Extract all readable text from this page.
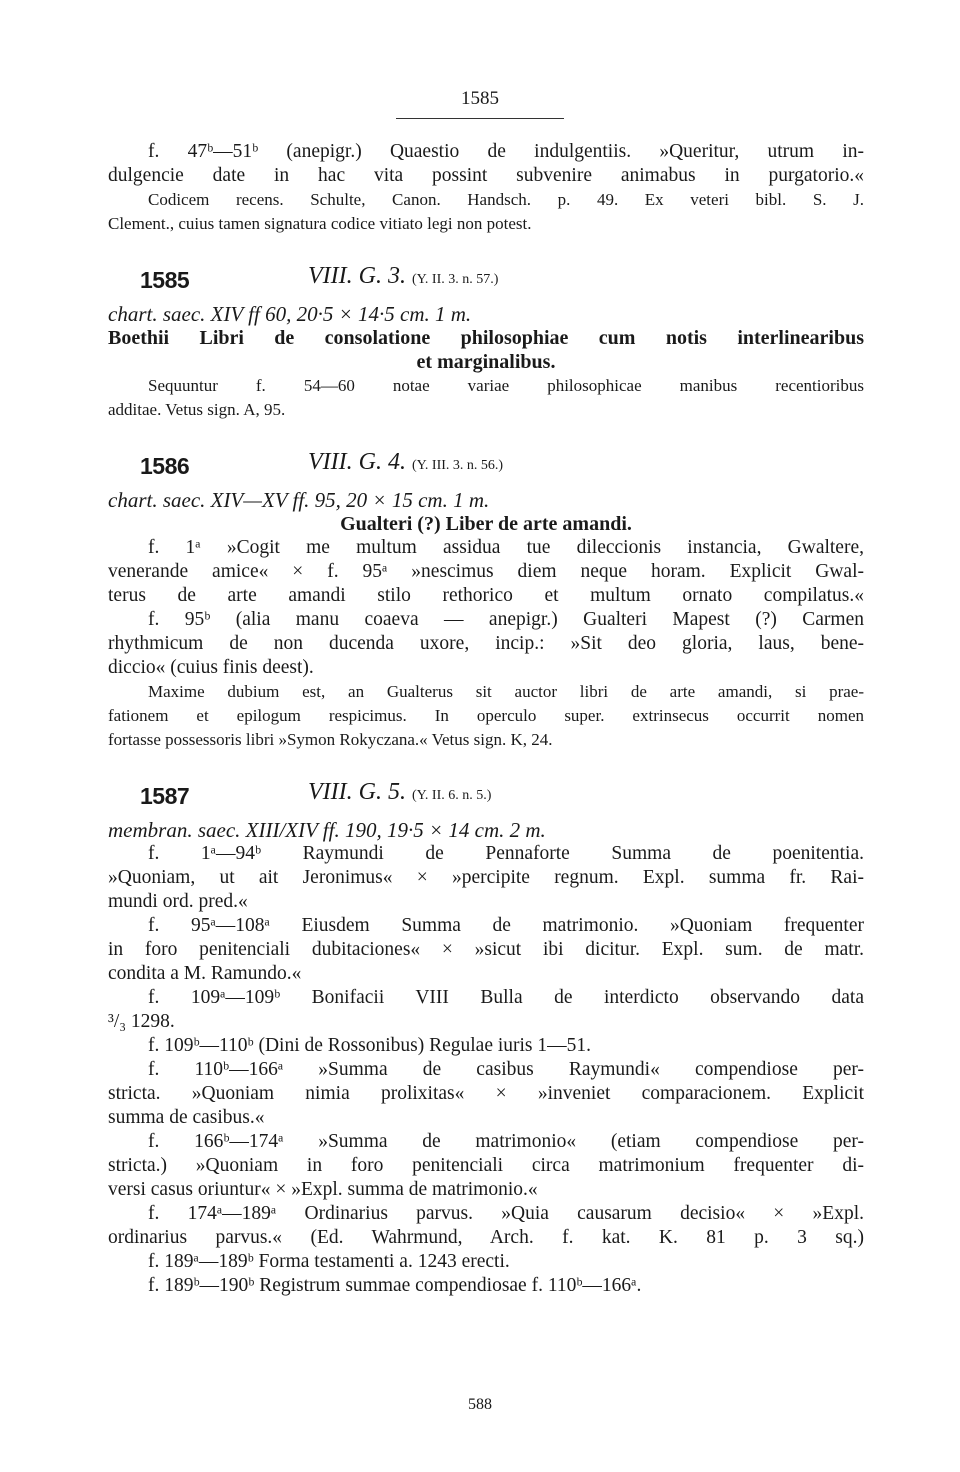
1585
f. 47ᵇ—51ᵇ (anepigr.) Quaestio de indulgentiis. »Queritur, utrum in-
dulgencie date in hac vita possint subvenire animabus in purgatorio.«
Codicem recens. Schulte, Canon. Handsch. p. 49. Ex veteri bibl. S. J.
Clement., cuius tamen signatura codice vitiato legi non potest.
1585	VIII. G. 3. (Y. II. 3. n. 57.)
chart. saec. XIV ff 60, 20·5 × 14·5 cm. 1 m.
Boethii Libri de consolatione philosophiae cum notis interlinearibus
et marginalibus.
Sequuntur f. 54—60 notae variae philosophicae manibus recentioribus
additae. Vetus sign. A, 95.
1586	VIII. G. 4. (Y. III. 3. n. 56.)
chart. saec. XIV—XV ff. 95, 20 × 15 cm. 1 m.
Gualteri (?) Liber de arte amandi.
f. 1ᵃ »Cogit me multum assidua tue dileccionis instancia, Gwaltere,
venerande amice« × f. 95ᵃ »nescimus diem neque horam. Explicit Gwal-
terus de arte amandi stilo rethorico et multum ornato compilatus.«
f. 95ᵇ (alia manu coaeva — anepigr.) Gualteri Mapest (?) Carmen
rhythmicum de non ducenda uxore, incip.: »Sit deo gloria, laus, bene-
diccio« (cuius finis deest).
Maxime dubium est, an Gualterus sit auctor libri de arte amandi, si prae-
fationem et epilogum respicimus. In operculo super. extrinsecus occurrit nomen
fortasse possessoris libri »Symon Rokyczana.« Vetus sign. K, 24.
1587	VIII. G. 5. (Y. II. 6. n. 5.)
membran. saec. XIII/XIV ff. 190, 19·5 × 14 cm. 2 m.
f. 1ᵃ—94ᵇ Raymundi de Pennaforte Summa de poenitentia.
»Quoniam, ut ait Jeronimus« × »percipite regnum. Expl. summa fr. Rai-
mundi ord. pred.«
f. 95ᵃ—108ᵃ Eiusdem Summa de matrimonio. »Quoniam frequenter
in foro penitenciali dubitaciones« × »sicut ibi dicitur. Expl. sum. de matr.
condita a M. Ramundo.«
f. 109ᵃ—109ᵇ Bonifacii VIII Bulla de interdicto observando data
³/₃ 1298.
f. 109ᵇ—110ᵇ (Dini de Rossonibus) Regulae iuris 1—51.
f. 110ᵇ—166ᵃ »Summa de casibus Raymundi« compendiose per-
stricta. »Quoniam nimia prolixitas« × »inveniet comparacionem. Explicit
summa de casibus.«
f. 166ᵇ—174ᵃ »Summa de matrimonio« (etiam compendiose per-
stricta.) »Quoniam in foro penitenciali circa matrimonium frequenter di-
versi casus oriuntur« × »Expl. summa de matrimonio.«
f. 174ᵃ—189ᵃ Ordinarius parvus. »Quia causarum decisio« × »Expl.
ordinarius parvus.« (Ed. Wahrmund, Arch. f. kat. K. 81 p. 3 sq.)
f. 189ᵃ—189ᵇ Forma testamenti a. 1243 erecti.
f. 189ᵇ—190ᵇ Registrum summae compendiosae f. 110ᵇ—166ᵃ.
588
